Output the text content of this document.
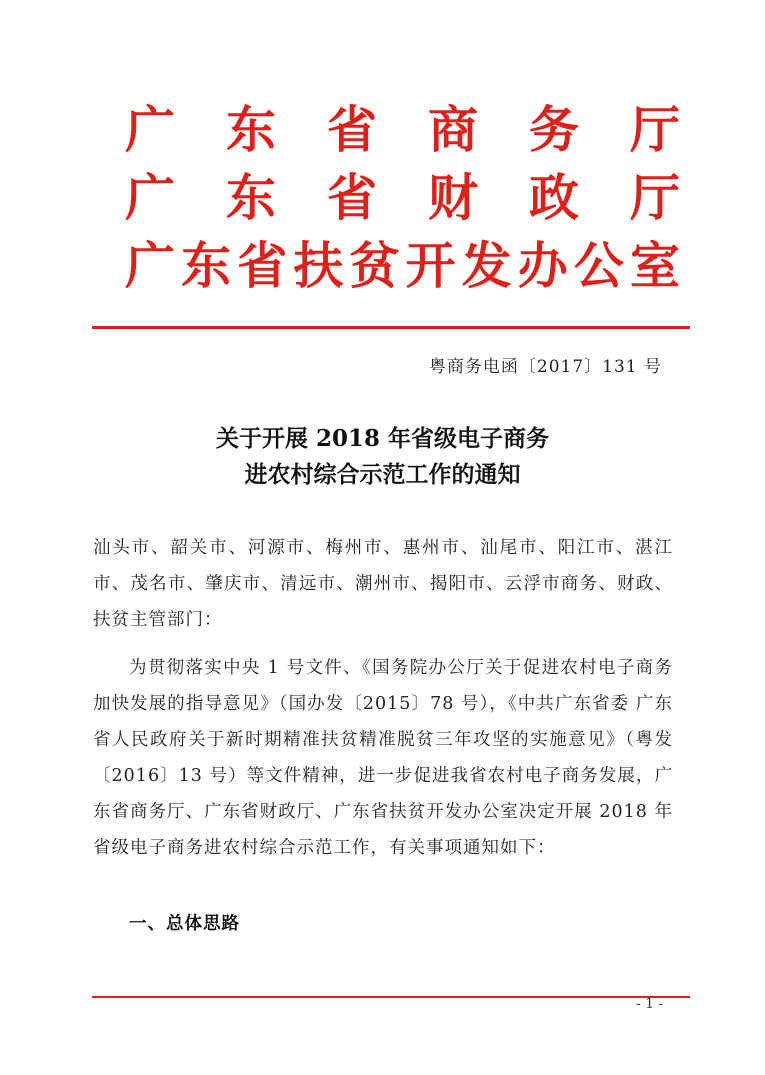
广 东 省 商 务 厅
广 东 省 财 政 厅
广 东 省 扶 贫 开 发 办 公 室
粤商务电函〔2017〕131 号
关于开展 2018 年省级电子商务
进农村综合示范工作的通知
汕头市、韶关市、河源市、梅州市、惠州市、汕尾市、阳江市、湛江市、茂名市、肇庆市、清远市、潮州市、揭阳市、云浮市商务、财政、扶贫主管部门：
为贯彻落实中央 1 号文件、《国务院办公厅关于促进农村电子商务加快发展的指导意见》（国办发〔2015〕78 号），《中共广东省委 广东省人民政府关于新时期精准扶贫精准脱贫三年攻坚的实施意见》（粤发〔2016〕13 号）等文件精神，进一步促进我省农村电子商务发展，广东省商务厅、广东省财政厅、广东省扶贫开发办公室决定开展 2018 年省级电子商务进农村综合示范工作，有关事项通知如下：
一、总体思路
- 1 -
